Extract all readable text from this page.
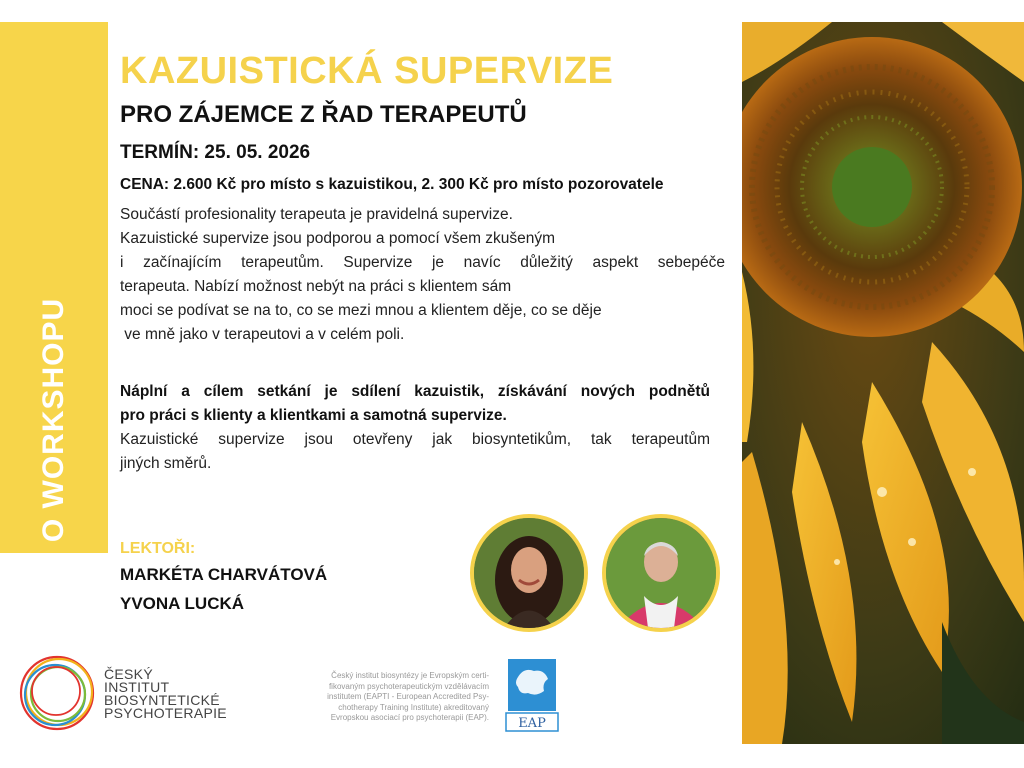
O WORKSHOPU
KAZUISTICKÁ SUPERVIZE
PRO ZÁJEMCE Z ŘAD TERAPEUTŮ
TERMÍN: 25. 05. 2026
CENA: 2.600 Kč pro místo s kazuistikou, 2. 300 Kč pro místo pozorovatele
Součástí profesionality terapeuta je pravidelná supervize.
Kazuistické supervize jsou podporou a pomocí všem zkušeným
i začínajícím terapeutům. Supervize je navíc důležitý aspekt sebepéče
terapeuta. Nabízí možnost nebýt na práci s klientem sám
moci se podívat se na to, co se mezi mnou a klientem děje, co se děje
ve mně jako v terapeutovi a v celém poli.
Náplní a cílem setkání je sdílení kazuistik, získávání nových podnětů
pro práci s klienty a klientkami a samotná supervize.
Kazuistické supervize jsou otevřeny jak biosyntetikům, tak terapeutům
jiných směrů.
LEKTOŘI:
MARKÉTA CHARVÁTOVÁ
YVONA LUCKÁ
ČESKÝ
INSTITUT
BIOSYNTETICKÉ
PSYCHOTERAPIE
Český institut biosyntézy je Evropským certi-
fikovaným psychoterapeutickým vzdělávacím
institutem (EAPTI - European Accredited Psy-
chotherapy Training Institute) akreditovaný
Evropskou asociací pro psychoterapii (EAP). EAP
